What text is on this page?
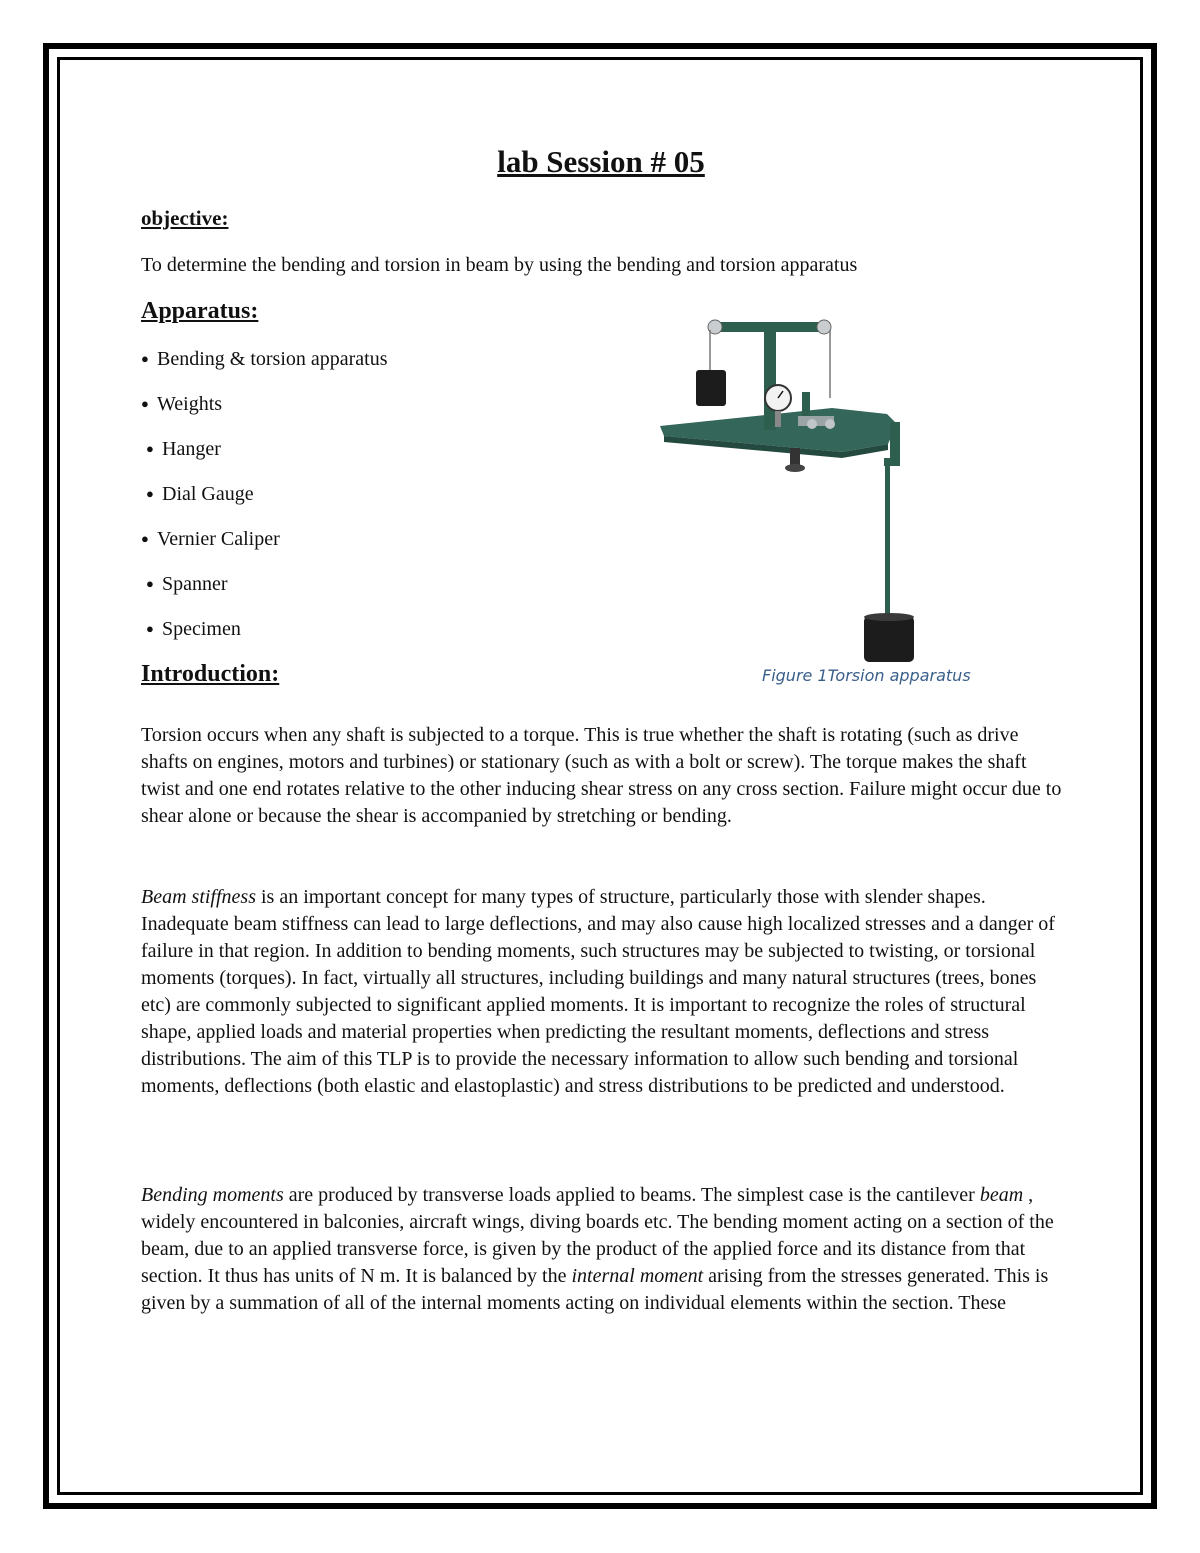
lab Session # 05
objective:

To determine the bending and torsion in beam by using the bending and torsion apparatus

Apparatus:
● Bending & torsion apparatus
● Weights
● Hanger
● Dial Gauge
● Vernier Caliper
● Spanner
● Specimen
Introduction:

Torsion occurs when any shaft is subjected to a torque. This is true whether the shaft is rotating (such as drive shafts on engines, motors and turbines) or stationary (such as with a bolt or screw). The torque makes the shaft twist and one end rotates relative to the other inducing shear stress on any cross section. Failure might occur due to shear alone or because the shear is accompanied by stretching or bending.

Beam stiffness is an important concept for many types of structure, particularly those with slender shapes. Inadequate beam stiffness can lead to large deflections, and may also cause high localized stresses and a danger of failure in that region. In addition to bending moments, such structures may be subjected to twisting, or torsional moments (torques). In fact, virtually all structures, including buildings and many natural structures (trees, bones etc) are commonly subjected to significant applied moments. It is important to recognize the roles of structural shape, applied loads and material properties when predicting the resultant moments, deflections and stress distributions. The aim of this TLP is to provide the necessary information to allow such bending and torsional moments, deflections (both elastic and elastoplastic) and stress distributions to be predicted and understood.

Bending moments are produced by transverse loads applied to beams. The simplest case is the cantilever beam , widely encountered in balconies, aircraft wings, diving boards etc. The bending moment acting on a section of the beam, due to an applied transverse force, is given by the product of the applied force and its distance from that section. It thus has units of N m. It is balanced by the internal moment arising from the stresses generated. This is given by a summation of all of the internal moments acting on individual elements within the section. These

Figure 1Torsion apparatus
